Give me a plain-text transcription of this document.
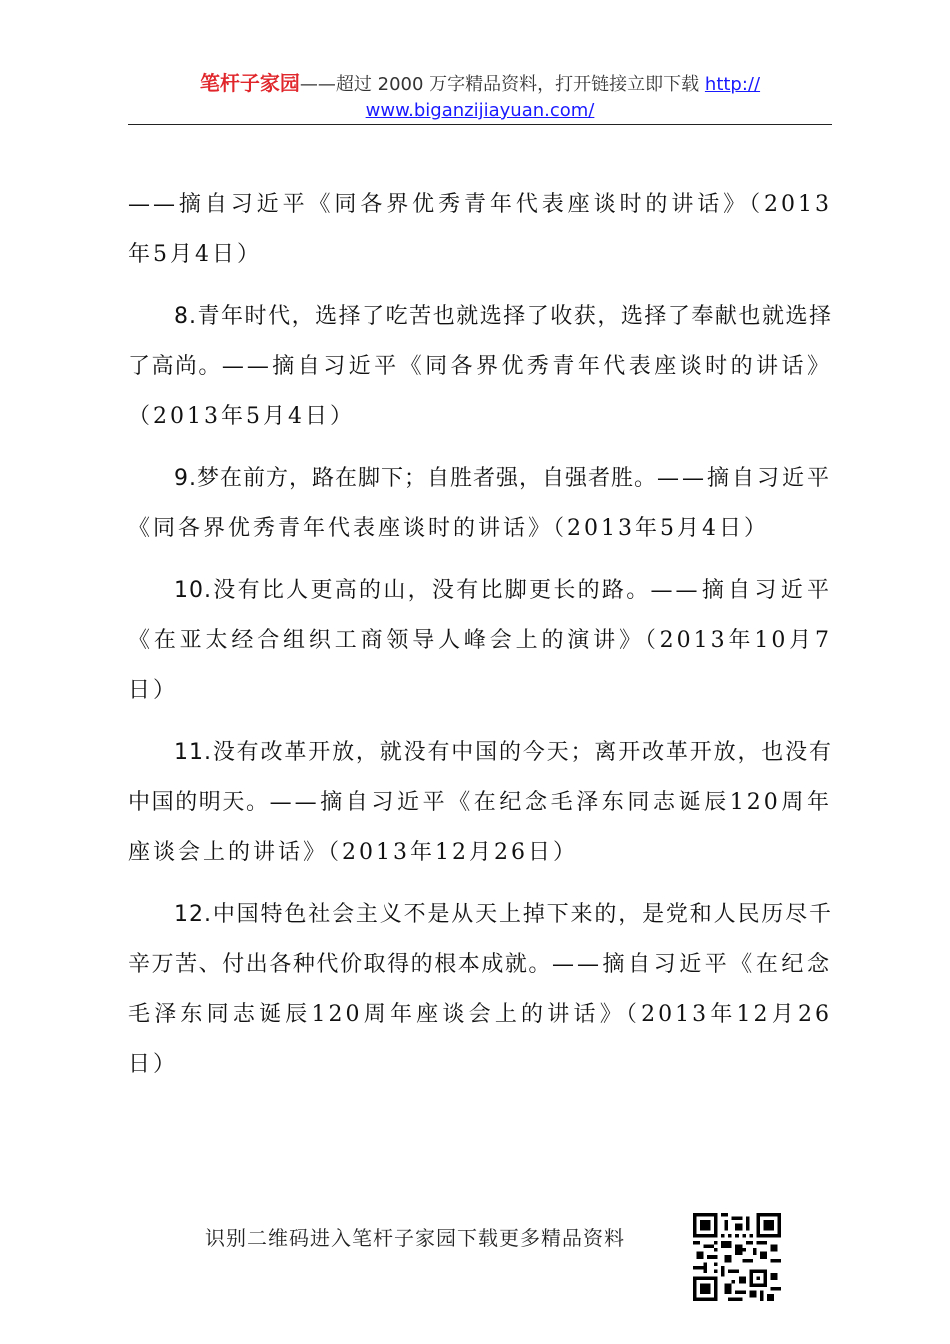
笔杆子家园——超过 2000 万字精品资料，打开链接立即下载 http://
www.biganzijiayuan.com/

——摘自习近平《同各界优秀青年代表座谈时的讲话》（2013年5月4日）

8.青年时代，选择了吃苦也就选择了收获，选择了奉献也就选择了高尚。——摘自习近平《同各界优秀青年代表座谈时的讲话》（2013年5月4日）

9.梦在前方，路在脚下；自胜者强，自强者胜。——摘自习近平《同各界优秀青年代表座谈时的讲话》（2013年5月4日）

10.没有比人更高的山，没有比脚更长的路。——摘自习近平《在亚太经合组织工商领导人峰会上的演讲》（2013年10月7日）

11.没有改革开放，就没有中国的今天；离开改革开放，也没有中国的明天。——摘自习近平《在纪念毛泽东同志诞辰120周年座谈会上的讲话》（2013年12月26日）

12.中国特色社会主义不是从天上掉下来的，是党和人民历尽千辛万苦、付出各种代价取得的根本成就。——摘自习近平《在纪念毛泽东同志诞辰120周年座谈会上的讲话》（2013年12月26日）

识别二维码进入笔杆子家园下载更多精品资料
